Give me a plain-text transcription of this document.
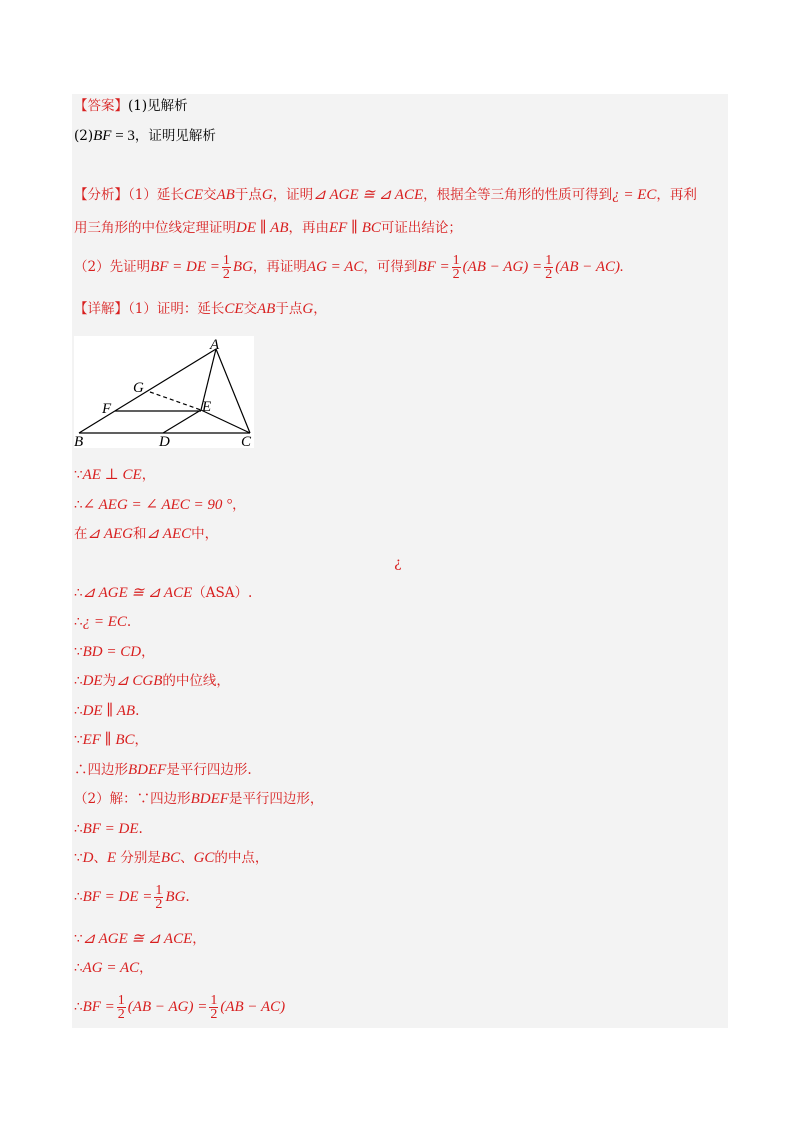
【答案】(1)见解析
(2)BF = 3，证明见解析
【分析】（1）延长CE交AB于点G，证明⊿ AGE ≅ ⊿ ACE，根据全等三角形的性质可得到¿ = EC，再利
用三角形的中位线定理证明DE ∥ AB，再由EF ∥ BC可证出结论；
（2）先证明BF = DE = $\frac{1}{2}$ BG，再证明AG = AC，可得到BF = $\frac{1}{2} (AB - AG) = \frac{1}{2} (AB - AC)$.
【详解】（1）证明：延长CE交AB于点G，
A
G
F	E
B	D	C
∵AE ⊥ CE，
∴∠ AEG = ∠ AEC = 90 °，
在⊿ AEG和⊿ AEC中，
¿
∴⊿ AGE ≅ ⊿ ACE（ASA）.
∴¿ = EC.
∵BD = CD，
∴DE为⊿ CGB的中位线，
∴DE ∥ AB.
∵EF ∥ BC，
∴四边形BDEF是平行四边形.
（2）解：∵四边形BDEF是平行四边形，
∴BF = DE.
∵D、E 分别是BC、GC的中点，
∴BF = DE = $\frac{1}{2}$ BG.
∵⊿ AGE ≅ ⊿ ACE，
∴AG = AC，
∴BF = $\frac{1}{2} (AB - AG) = \frac{1}{2} (AB - AC)$
